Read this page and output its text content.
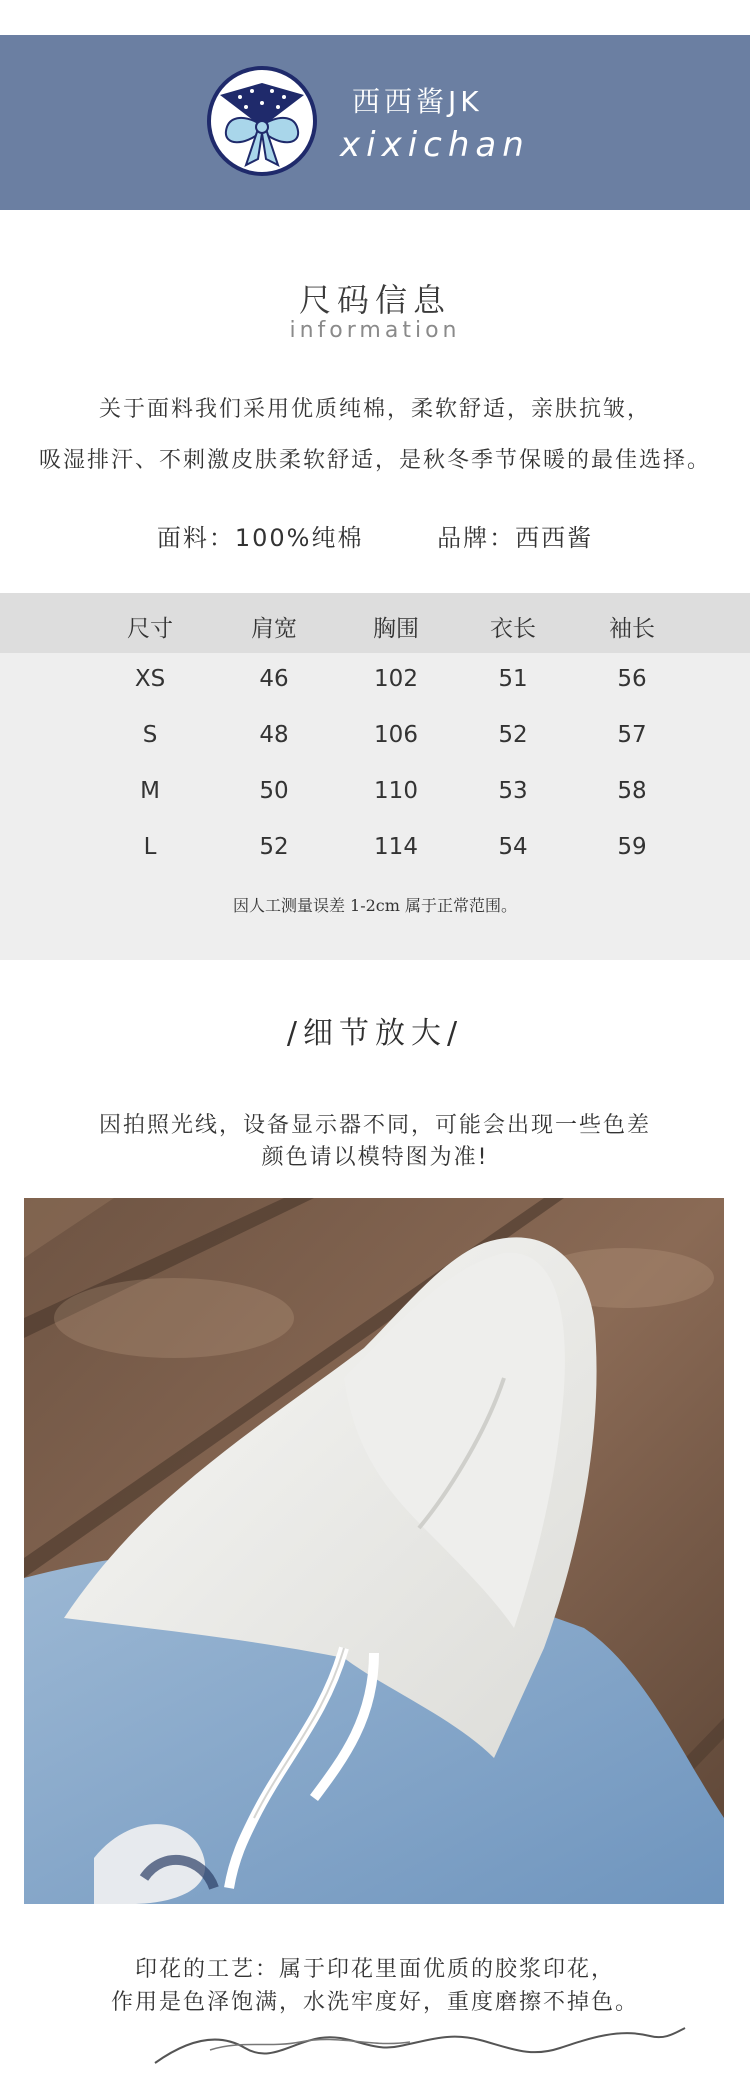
西西酱JK
xixichan
尺码信息
information
关于面料我们采用优质纯棉，柔软舒适，亲肤抗皱，
吸湿排汗、不刺激皮肤柔软舒适，是秋冬季节保暖的最佳选择。
面料：100%纯棉	品牌：西西酱
尺寸	肩宽	胸围	衣长	袖长
XS	46	102	51	56
S	48	106	52	57
M	50	110	53	58
L	52	114	54	59
因人工测量误差 1-2cm 属于正常范围。
/细节放大/
因拍照光线，设备显示器不同，可能会出现一些色差
颜色请以模特图为准!
印花的工艺：属于印花里面优质的胶浆印花，
作用是色泽饱满，水洗牢度好，重度磨擦不掉色。
